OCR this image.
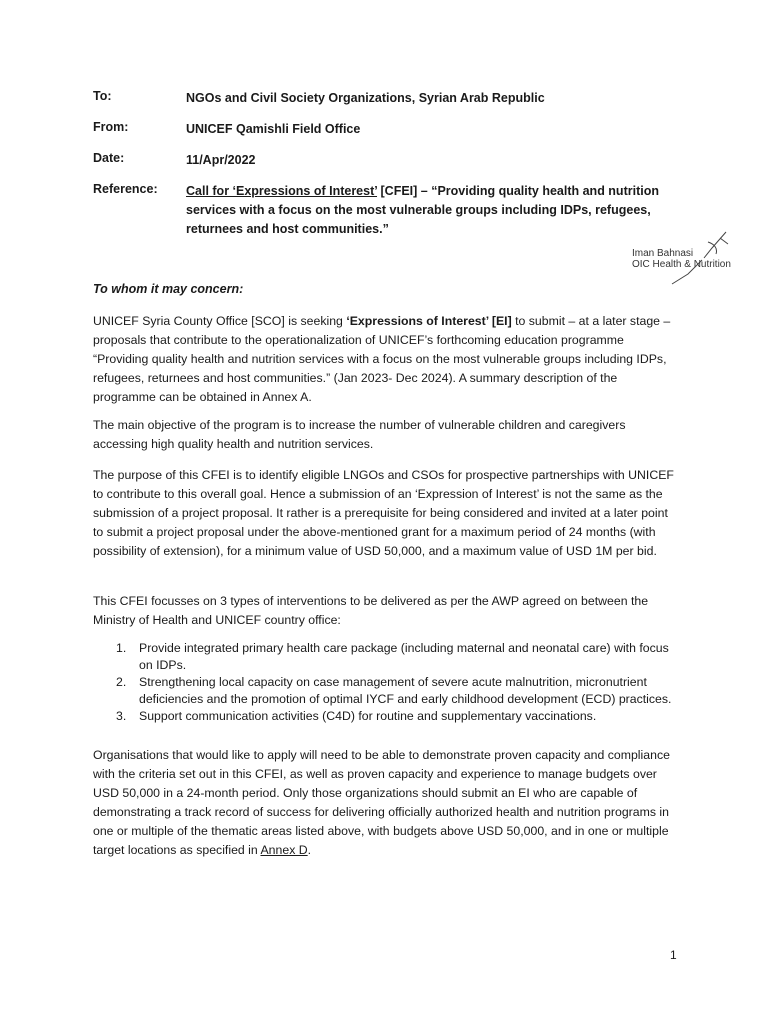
To:	NGOs and Civil Society Organizations, Syrian Arab Republic
From:	UNICEF Qamishli Field Office
Date:	11/Apr/2022
Reference: Call for ‘Expressions of Interest’ [CFEI] – “Providing quality health and nutrition services with a focus on the most vulnerable groups including IDPs, refugees, returnees and host communities.”
Iman Bahnasi
OIC Health & Nutrition
To whom it may concern:
UNICEF Syria County Office [SCO] is seeking ‘Expressions of Interest’ [EI] to submit – at a later stage – proposals that contribute to the operationalization of UNICEF’s forthcoming education programme “Providing quality health and nutrition services with a focus on the most vulnerable groups including IDPs, refugees, returnees and host communities.” (Jan 2023- Dec 2024). A summary description of the programme can be obtained in Annex A.
The main objective of the program is to increase the number of vulnerable children and caregivers accessing high quality health and nutrition services.
The purpose of this CFEI is to identify eligible LNGOs and CSOs for prospective partnerships with UNICEF to contribute to this overall goal. Hence a submission of an ‘Expression of Interest’ is not the same as the submission of a project proposal. It rather is a prerequisite for being considered and invited at a later point to submit a project proposal under the above-mentioned grant for a maximum period of 24 months (with possibility of extension), for a minimum value of USD 50,000, and a maximum value of USD 1M per bid.
This CFEI focusses on 3 types of interventions to be delivered as per the AWP agreed on between the Ministry of Health and UNICEF country office:
1. Provide integrated primary health care package (including maternal and neonatal care) with focus on IDPs.
2. Strengthening local capacity on case management of severe acute malnutrition, micronutrient deficiencies and the promotion of optimal IYCF and early childhood development (ECD) practices.
3. Support communication activities (C4D) for routine and supplementary vaccinations.
Organisations that would like to apply will need to be able to demonstrate proven capacity and compliance with the criteria set out in this CFEI, as well as proven capacity and experience to manage budgets over USD 50,000 in a 24-month period. Only those organizations should submit an EI who are capable of demonstrating a track record of success for delivering officially authorized health and nutrition programs in one or multiple of the thematic areas listed above, with budgets above USD 50,000, and in one or multiple target locations as specified in Annex D.
1
